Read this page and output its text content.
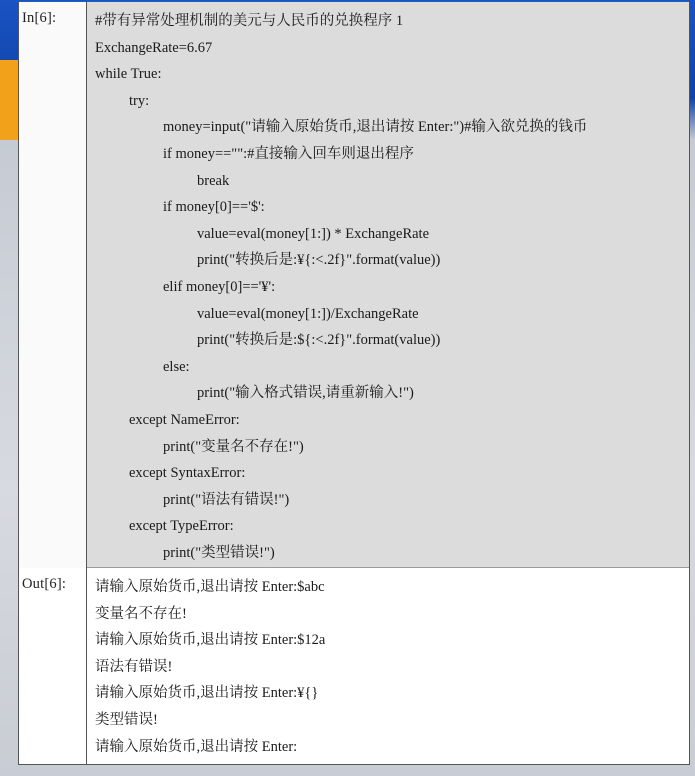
In[6]:	#带有异常处理机制的美元与人民币的兑换程序 1
ExchangeRate=6.67
while True:
try:
money=input("请输入原始货币,退出请按 Enter:")#输入欲兑换的钱币
if money=="":#直接输入回车则退出程序
break
if money[0]=='$':
value=eval(money[1:]) * ExchangeRate
print("转换后是:¥{:<.2f}".format(value))
elif money[0]=='¥':
value=eval(money[1:])/ExchangeRate
print("转换后是:${:<.2f}".format(value))
else:
print("输入格式错误,请重新输入!")
except NameError:
print("变量名不存在!")
except SyntaxError:
print("语法有错误!")
except TypeError:
print("类型错误!")
Out[6]:	请输入原始货币,退出请按 Enter:$abc
变量名不存在!
请输入原始货币,退出请按 Enter:$12a
语法有错误!
请输入原始货币,退出请按 Enter:¥{}
类型错误!
请输入原始货币,退出请按 Enter:
